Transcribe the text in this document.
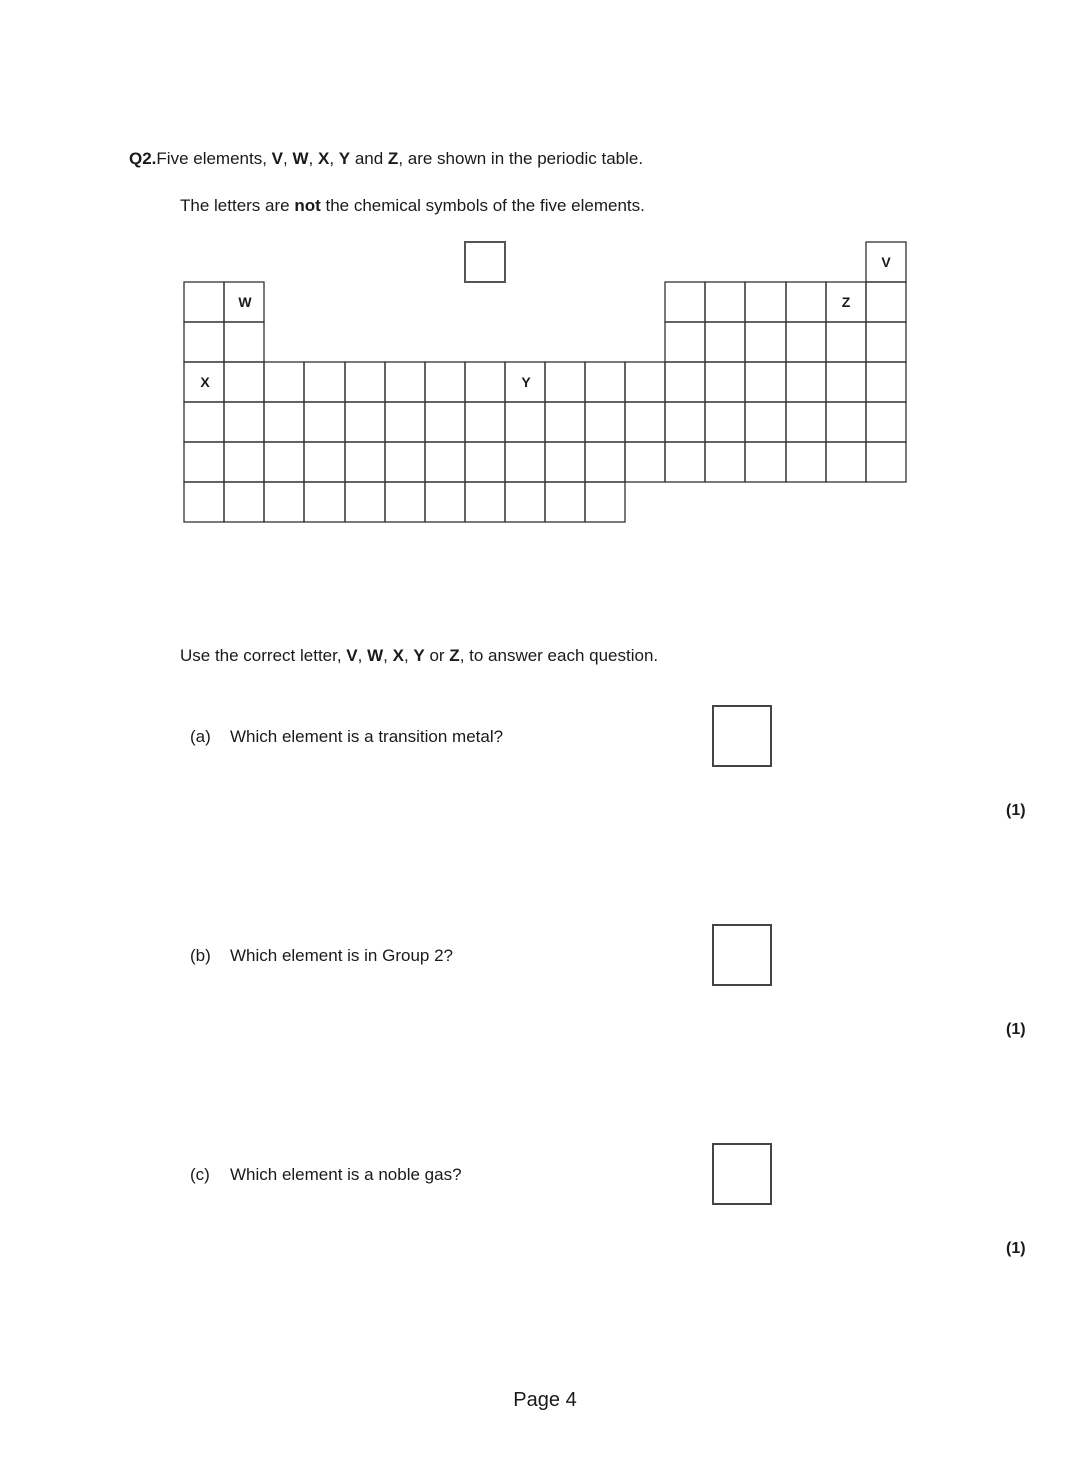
Q2.Five elements, V, W, X, Y and Z, are shown in the periodic table.
The letters are not the chemical symbols of the five elements.
W
X	Y
Z
V
Use the correct letter, V, W, X, Y or Z, to answer each question.
(a) Which element is a transition metal?
(1)
(b) Which element is in Group 2?
(1)
(c) Which element is a noble gas?
(1)
Page 4
